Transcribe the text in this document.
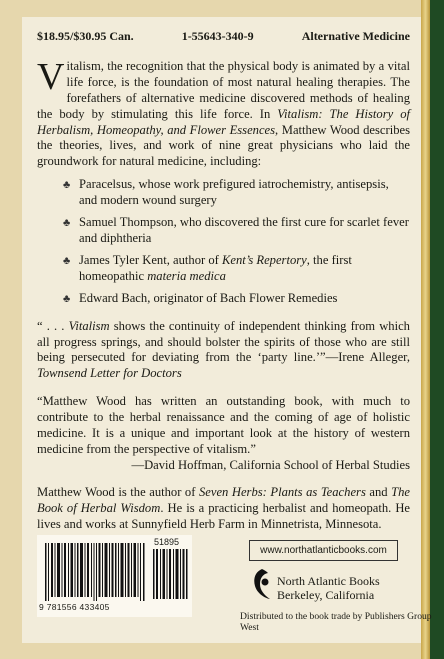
$18.95/$30.95 Can.	1-55643-340-9	Alternative Medicine

Vitalism, the recognition that the physical body is animated by a vital life force, is the foundation of most natural healing therapies. The forefathers of alternative medicine discovered methods of healing the body by stimulating this life force. In Vitalism: The History of Herbalism, Homeopathy, and Flower Essences, Matthew Wood describes the theories, lives, and work of nine great physicians who laid the groundwork for natural medicine, including:

♣ Paracelsus, whose work prefigured iatrochemistry, antisepsis, and modern wound surgery
♣ Samuel Thompson, who discovered the first cure for scarlet fever and diphtheria
♣ James Tyler Kent, author of Kent’s Repertory, the first homeopathic materia medica
♣ Edward Bach, originator of Bach Flower Remedies

“ . . . Vitalism shows the continuity of independent thinking from which all progress springs, and should bolster the spirits of those who are still being persecuted for deviating from the ‘party line.’”—Irene Alleger, Townsend Letter for Doctors

“Matthew Wood has written an outstanding book, with much to contribute to the herbal renaissance and the coming of age of holistic medicine. It is a unique and important look at the history of western medicine from the perspective of vitalism.”

—David Hoffman, California School of Herbal Studies

Matthew Wood is the author of Seven Herbs: Plants as Teachers and The Book of Herbal Wisdom. He is a practicing herbalist and homeopath. He lives and works at Sunnyfield Herb Farm in Minnetrista, Minnesota.

9 781556 433405
51895
www.northatlanticbooks.com
North Atlantic Books
Berkeley, California
Distributed to the book trade by Publishers Group West
